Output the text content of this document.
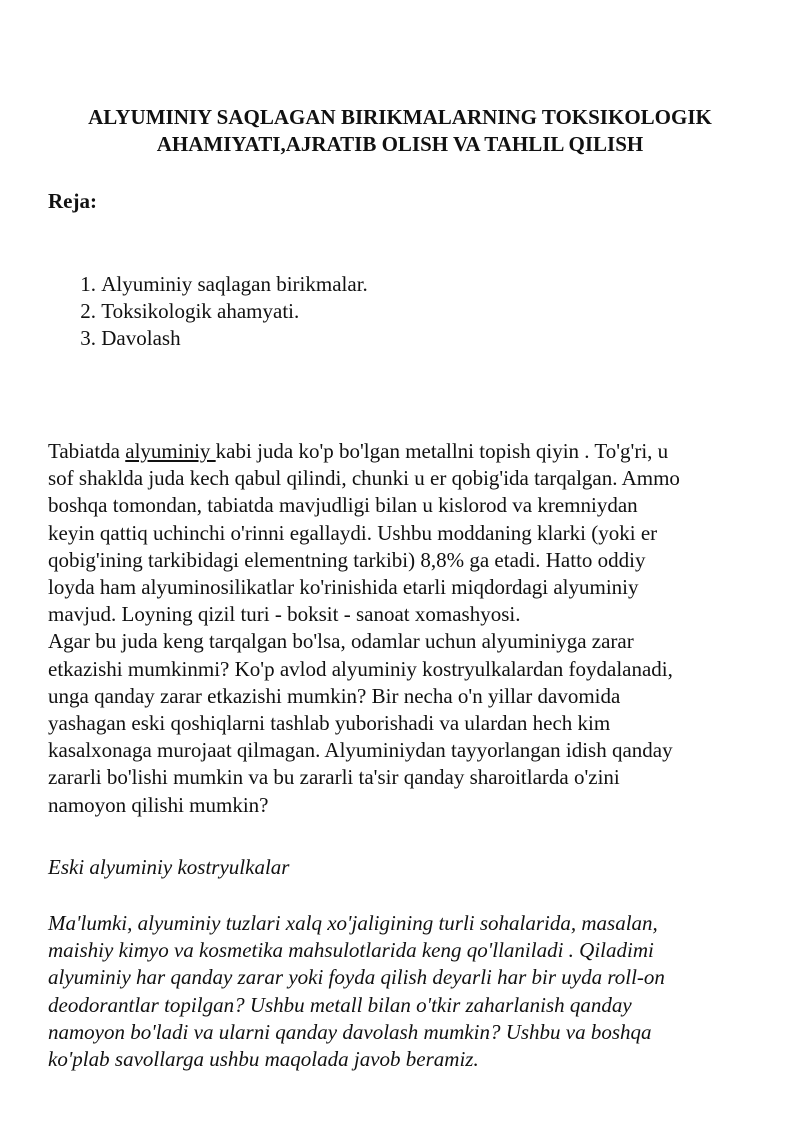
ALYUMINIY SAQLAGAN BIRIKMALARNING TOKSIKOLOGIK
AHAMIYATI,AJRATIB OLISH VA TAHLIL QILISH

Reja:

1.
Alyuminiy saqlagan birikmalar.
2.
Toksikologik ahamyati.
3.
Davolash
Tabiatda alyuminiy kabi juda ko'p bo'lgan metallni topish qiyin . To'g'ri, u
sof shaklda juda kech qabul qilindi, chunki u er qobig'ida tarqalgan. Ammo
boshqa tomondan, tabiatda mavjudligi bilan u kislorod va kremniydan
keyin qattiq uchinchi o'rinni egallaydi. Ushbu moddaning klarki (yoki er
qobig'ining tarkibidagi elementning tarkibi) 8,8% ga etadi. Hatto oddiy
loyda ham alyuminosilikatlar ko'rinishida etarli miqdordagi alyuminiy
mavjud. Loyning qizil turi - boksit - sanoat xomashyosi.
Agar bu juda keng tarqalgan bo'lsa, odamlar uchun alyuminiyga zarar
etkazishi mumkinmi? Ko'p avlod alyuminiy kostryulkalardan foydalanadi,
unga qanday zarar etkazishi mumkin? Bir necha o'n yillar davomida
yashagan eski qoshiqlarni tashlab yuborishadi va ulardan hech kim
kasalxonaga murojaat qilmagan. Alyuminiydan tayyorlangan idish qanday
zararli bo'lishi mumkin va bu zararli ta'sir qanday sharoitlarda o'zini
namoyon qilishi mumkin?

Eski alyuminiy kostryulkalar

Ma'lumki, alyuminiy tuzlari xalq xo'jaligining turli sohalarida, masalan,
maishiy kimyo va kosmetika mahsulotlarida keng qo'llaniladi . Qiladimi
alyuminiy har qanday zarar yoki foyda qilish deyarli har bir uyda roll-on
deodorantlar topilgan? Ushbu metall bilan o'tkir zaharlanish qanday
namoyon bo'ladi va ularni qanday davolash mumkin? Ushbu va boshqa
ko'plab savollarga ushbu maqolada javob beramiz.
